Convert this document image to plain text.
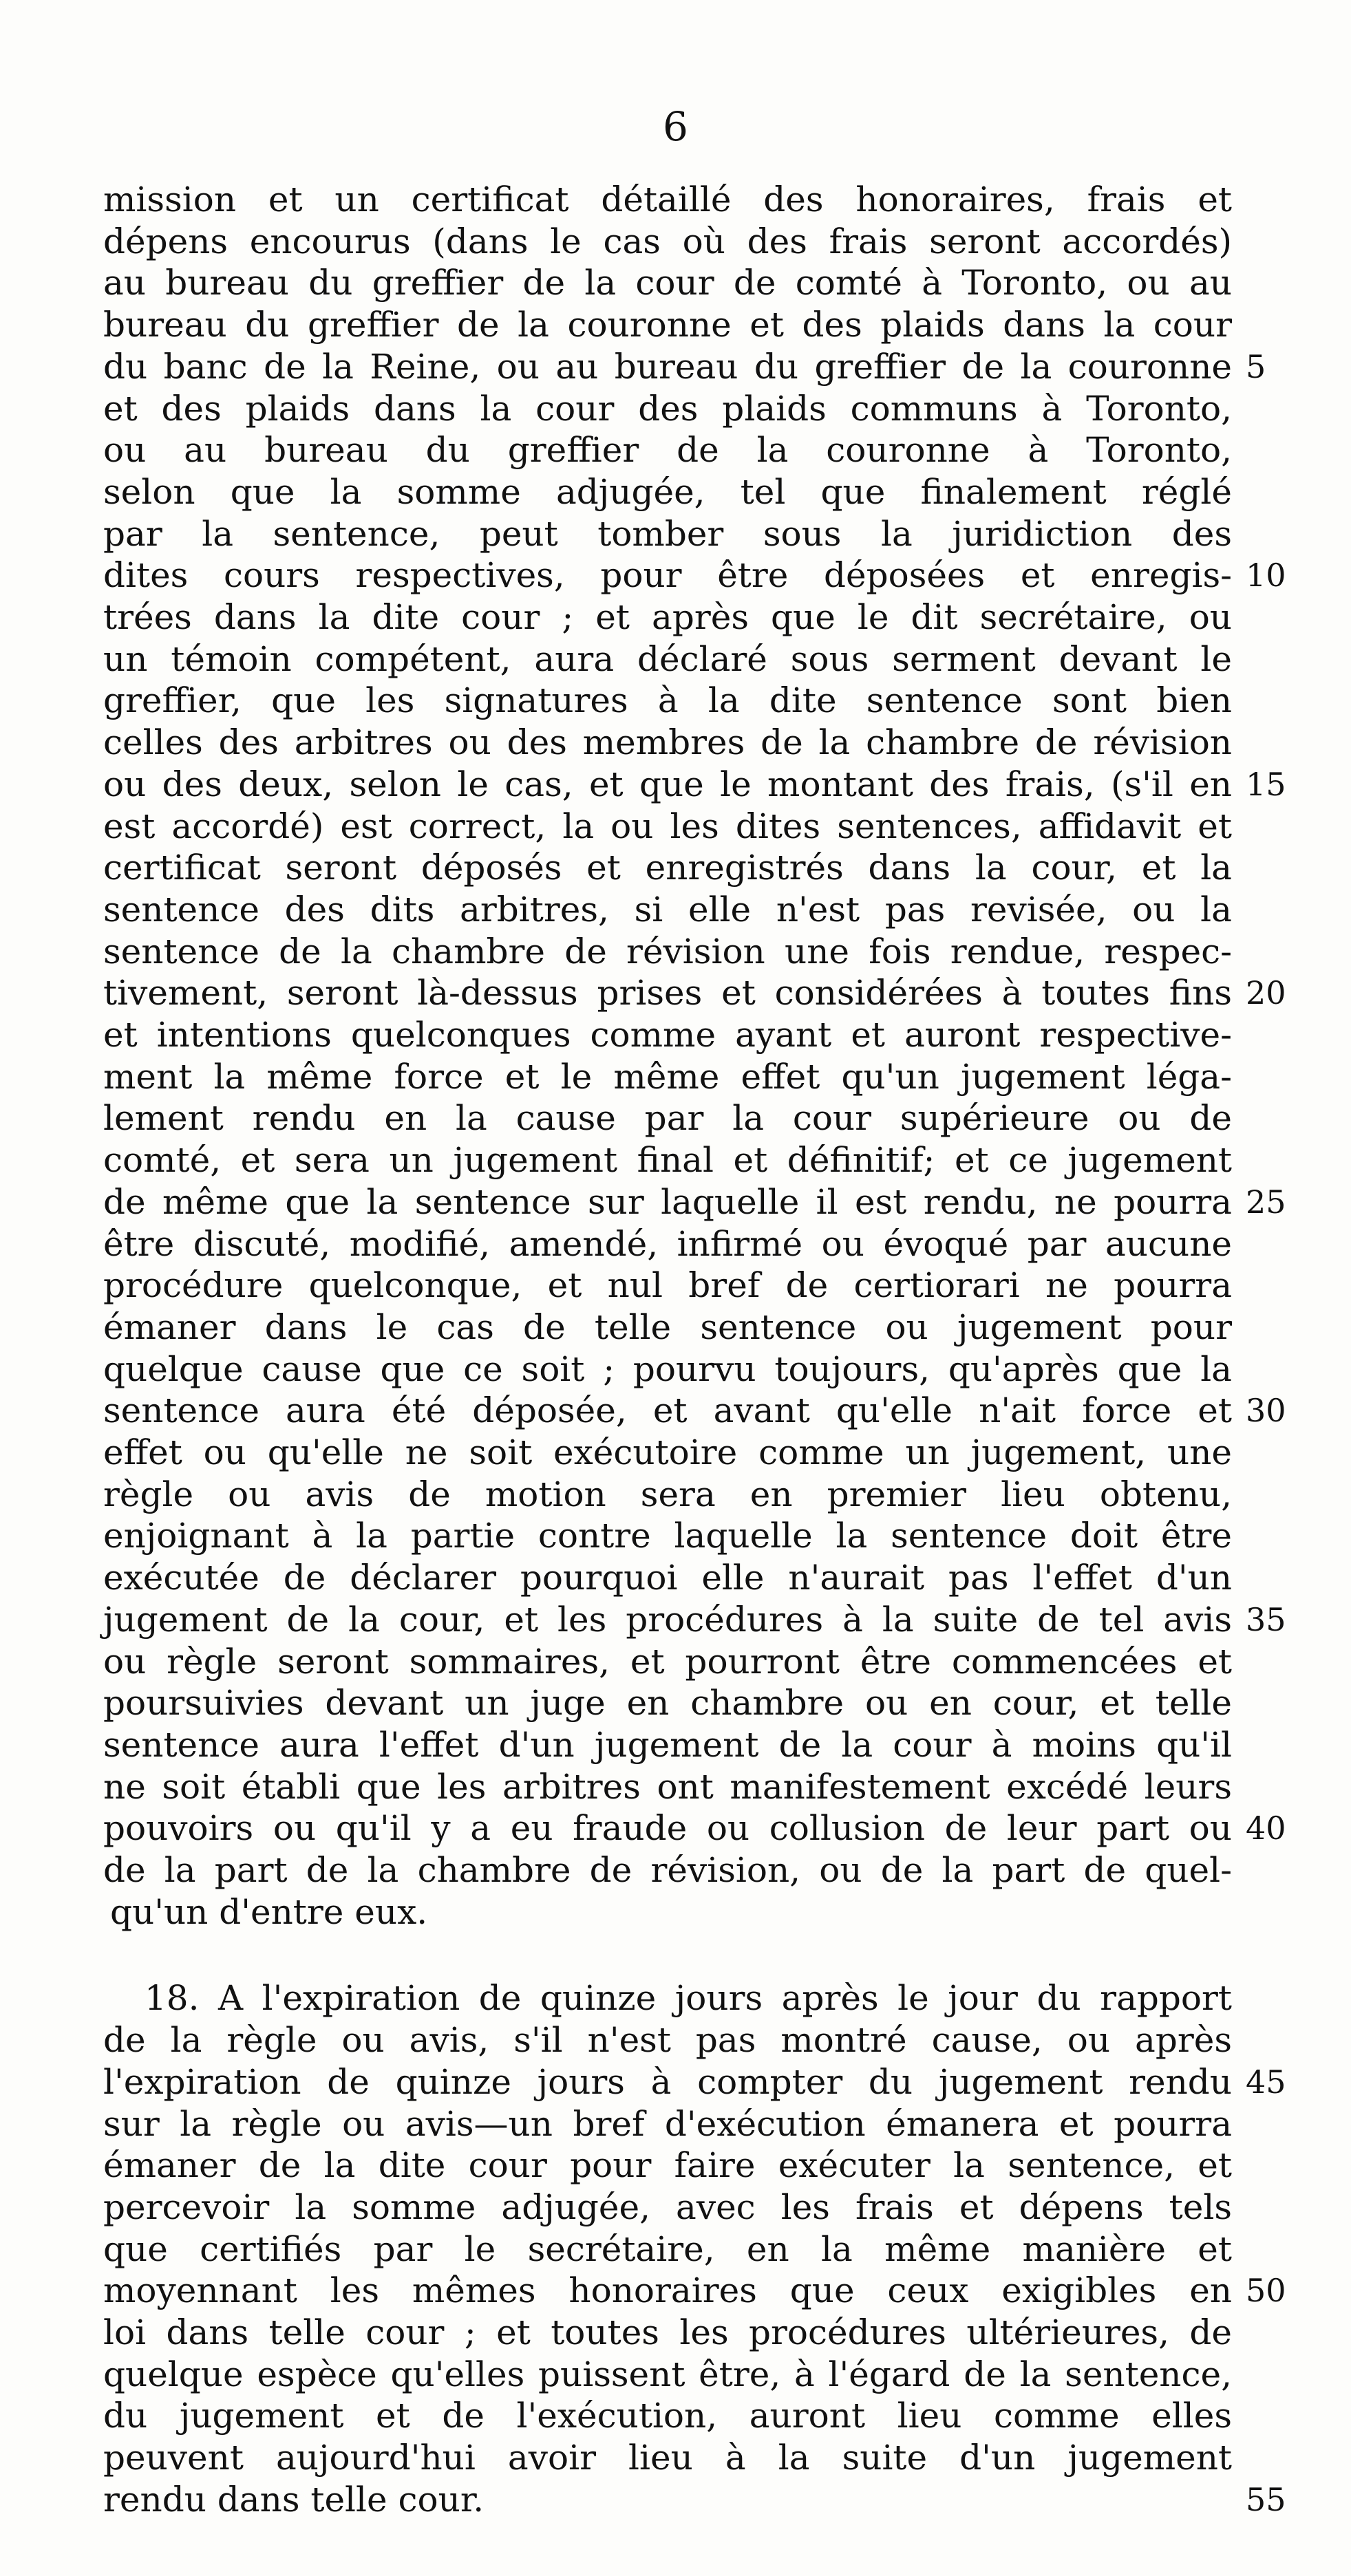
6
mission et un certificat détaillé des honoraires, frais et
dépens encourus (dans le cas où des frais seront accordés)
au bureau du greffier de la cour de comté à Toronto, ou au
bureau du greffier de la couronne et des plaids dans la cour
du banc de la Reine, ou au bureau du greffier de la couronne 5
et des plaids dans la cour des plaids communs à Toronto,
ou au bureau du greffier de la couronne à Toronto,
selon que la somme adjugée, tel que finalement réglé
par la sentence, peut tomber sous la juridiction des
dites cours respectives, pour être déposées et enregis- 10
trées dans la dite cour ; et après que le dit secrétaire, ou
un témoin compétent, aura déclaré sous serment devant le
greffier, que les signatures à la dite sentence sont bien
celles des arbitres ou des membres de la chambre de révision
ou des deux, selon le cas, et que le montant des frais, (s'il en 15
est accordé) est correct, la ou les dites sentences, affidavit et
certificat seront déposés et enregistrés dans la cour, et la
sentence des dits arbitres, si elle n'est pas revisée, ou la
sentence de la chambre de révision une fois rendue, respec-
tivement, seront là-dessus prises et considérées à toutes fins 20
et intentions quelconques comme ayant et auront respective-
ment la même force et le même effet qu'un jugement léga-
lement rendu en la cause par la cour supérieure ou de
comté, et sera un jugement final et définitif; et ce jugement
de même que la sentence sur laquelle il est rendu, ne pourra 25
être discuté, modifié, amendé, infirmé ou évoqué par aucune
procédure quelconque, et nul bref de certiorari ne pourra
émaner dans le cas de telle sentence ou jugement pour
quelque cause que ce soit ; pourvu toujours, qu'après que la
sentence aura été déposée, et avant qu'elle n'ait force et 30
effet ou qu'elle ne soit exécutoire comme un jugement, une
règle ou avis de motion sera en premier lieu obtenu,
enjoignant à la partie contre laquelle la sentence doit être
exécutée de déclarer pourquoi elle n'aurait pas l'effet d'un
jugement de la cour, et les procédures à la suite de tel avis 35
ou règle seront sommaires, et pourront être commencées et
poursuivies devant un juge en chambre ou en cour, et telle
sentence aura l'effet d'un jugement de la cour à moins qu'il
ne soit établi que les arbitres ont manifestement excédé leurs
pouvoirs ou qu'il y a eu fraude ou collusion de leur part ou 40
de la part de la chambre de révision, ou de la part de quel-
qu'un d'entre eux.
18. A l'expiration de quinze jours après le jour du rapport
de la règle ou avis, s'il n'est pas montré cause, ou après
l'expiration de quinze jours à compter du jugement rendu 45
sur la règle ou avis—un bref d'exécution émanera et pourra
émaner de la dite cour pour faire exécuter la sentence, et
percevoir la somme adjugée, avec les frais et dépens tels
que certifiés par le secrétaire, en la même manière et
moyennant les mêmes honoraires que ceux exigibles en 50
loi dans telle cour ; et toutes les procédures ultérieures, de
quelque espèce qu'elles puissent être, à l'égard de la sentence,
du jugement et de l'exécution, auront lieu comme elles
peuvent aujourd'hui avoir lieu à la suite d'un jugement
rendu dans telle cour.	55
